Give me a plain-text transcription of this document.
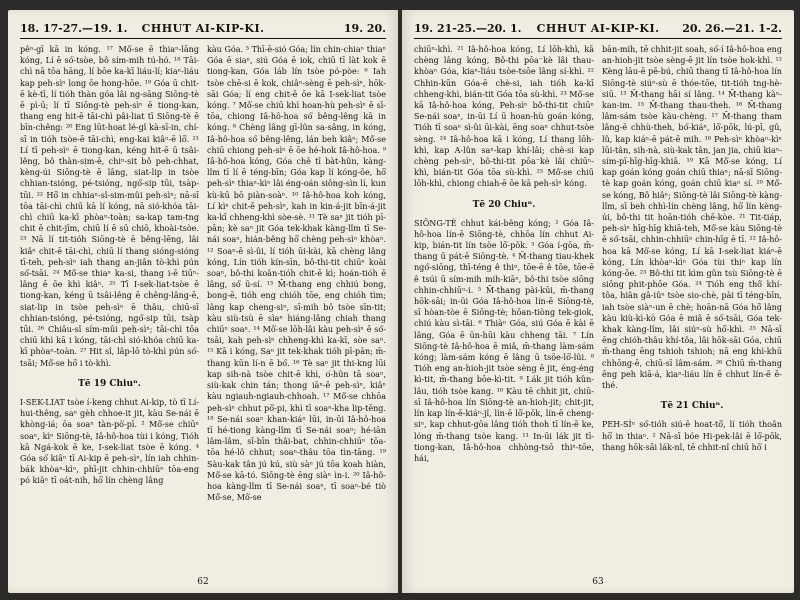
18. 17-27.—19. 1. CHHUT AI-KIP-KI.	19. 20.

pêⁿ-gī kā in kóng. ¹⁷ Mô͘-se ē thiaⁿ-lāng kóng, Lí ē só͘-tsòe, bô sím-mih tú-hó. ¹⁸ Tāi-chì nā tōa hāng, lí bōe ka-kī liáu-lí; kiaⁿ-liáu kap peh-sìⁿ long ōe hong-hōe. ¹⁹ Góa ū chit-ē kè-tī, lí tióh thàn góa lâi ng-sāng Siōng-tè ē pì-ū; lí tī Siōng-tè peh-sìⁿ ē tiong-kan, thang eng hit-ē tāi-chì pâi-liat tī Siōng-tè ē bīn-chêng: ²⁰ Eng lūt-hoat lé-gî kà-sī-in, chí-sī in tióh tsòe-ē tāi-chì, eng-kai kiâⁿ-ē lō͘. ²¹ Lí tī peh-sìⁿ ē tiong-kan, kéng hit-ē ū tsâi-lêng, bô thàn-sim-ē, chiⁿ-sit bô peh-chhat, kèng-úi Siōng-tè ē lâng, siat-lip in tsòe chhian-tsióng, pé-tsióng, ngó͘-sip tūi, tsàp-tūi. ²² Hō͘ in chhiaⁿ-sî-sim-mûi peh-sìⁿ; nā-sī tōa tāi-chì chiū kā lí kóng, nā sió-khóa tāi-chì chiū ka-kī phòaⁿ-toàn; sa-kap tam-tng chit ē chit-jīm, chiū lí ē sū chiō, khoài-tsòe. ²³ Nā lí tit-tióh Siōng-tè ē bêng-lēng, lâi kiâⁿ chit-ē tāi-chì, chiū lí thang sióng-sióng tī-teh, peh-sìⁿ iah thang an-jiân tò-khì pún só͘-tsāi. ²⁴ Mô͘-se thiaⁿ ka-si, thang i-ē tiūⁿ-lâng ē ōe khì kiâⁿ. ²⁵ Tī I-sek-liat-tsòe ē tiong-kan, kéng ū tsâi-lêng ē chêng-lâng-ē, siat-lip in tsòe peh-sìⁿ ē thâu, chiū-sī chhian-tsióng, pé-tsióng, ngó͘-sip tūi, tsàp tūi. ²⁶ Chiâu-sî sím-mûi peh-sìⁿ; tāi-chì tōa chiū khì kā i kóng, tāi-chì sió-khóa chiū ka-kī phòaⁿ-toàn. ²⁷ Hit sî, lâp-lō tò-khì pún só͘-tsāi; Mô͘-se hō͘ i tò-khì.

Tē 19 Chiuⁿ.

I-SEK-LIAT tsòe í-keng chhut Ai-kip, tò tī Lí-hui-thêng, saⁿ gèh chhoe-it jit, kàu Se-nái ē khòng-iá; ōa soaⁿ tàn-pò͘-pī. ² Mô͘-se chiūⁿ soaⁿ, kìⁿ Siōng-tè, Iâ-hô-hoa tùi i kóng, Tióh kā Ngá-kok ē ke, I-sek-liat tsòe ē kóng. ⁴ Góa só͘ kiâⁿ tī Ai-kip ē peh-sìⁿ, lín iah chhin-bák khòaⁿ-kìⁿ, phī-jit chhin-chhiūⁿ tōa-eng pó kiâⁿ tī oát-nih, hō͘ lín chèng lâng

kàu Góa. ⁵ Thī-ē-sió Góa; lín chin-chiaⁿ thiaⁿ Góa ē siaⁿ, siú Góa ē iok, chiū tī làt kok ē tiong-kan, Góa láb lín tsòe pó-pòe: ⁶ Iah tsòe chē-si ē kok, chiâⁿ-sèng ē peh-sìⁿ, hōk-sāi Góa; lí eng chit-ē ōe kā I-sek-liat tsòe kóng. ⁷ Mô͘-se chiū khì hoan-hù peh-sìⁿ ē sī-tōa, chiong Iâ-hô-hoa só͘ bêng-lêng kā in kóng. ⁸ Chèng lâng gī-lûn sa-sâng, in kóng, Iâ-hô-hoa só͘ bêng-lêng, lán beh kiâⁿ; Mô͘-se chiū chiong peh-sìⁿ ē ōe hé-hok Iâ-hô-hoa. ⁹ Iâ-hô-hoa kóng, Góa chē tī bàt-hûn, kàng-lîm tī lí ē téng-bīn; Góa kap lí kóng-ōe, hō͘ peh-sìⁿ thiaⁿ-kìⁿ lâi éng-oán siông-sìn lí, kun kù-kū bō piàn-soàⁿ. ¹⁰ Iâ-hô-hoa koh kóng, Lí kìⁿ chit-ē peh-sìⁿ, kah in kin-á-jit bīn-á-jit ka-kī chheng-khì sòe-sè. ¹¹ Tè saⁿ jit tióh pī-pān; kè saⁿ jit Góa tek-khak kàng-lîm tī Se-nái soaⁿ, hián-bêng hō͘ chèng peh-sìⁿ khòaⁿ. ¹² Soaⁿ-ē sì-ûi, lí tióh ūi-kài, kā chèng lâng kóng, Lín tióh kín-sīn, bô-thi-tit chiūⁿ koài soaⁿ, bô-thi koân-tióh chit-ē kì; hoán-tióh ē lâng, só͘ ū-sí. ¹³ M̄-thang eng chhiú bong, bong-ē, tióh eng chióh tōe, eng chióh tìm; lâng kap cheng-siⁿ, sī-mih bô tsòe sīn-tit; kàu siù-tsù ē sìaⁿ hiáng-lâng chiah thang chiūⁿ soaⁿ. ¹⁴ Mô͘-se lōh-lâi kàu peh-sìⁿ ē só͘-tsāi, kah peh-sìⁿ chheng-khì ka-kī, sòe saⁿ. ¹⁵ Kā i kóng, Saⁿ jit tek-khak tióh pī-pān; m̄-thang kūn lí-n ē bó͘. ¹⁶ Tè saⁿ jit thi-kng lūi kap sih-nà tsòe chit-ē khì, o͘-hûn tā soaⁿ, siù-kak chin tán; thong iāⁿ-ē peh-sìⁿ, kiâⁿ kàu ngiauh-ngiauh-chhoah. ¹⁷ Mô͘-se chhōa peh-sìⁿ chhut pō͘-pi, khì tī soaⁿ-kha lip-tēng. ¹⁸ Se-nái soaⁿ khan-kiáⁿ lūi, in-ūi Iâ-hô-hoa tī hé-tiong kàng-lîm tī Se-nái soaⁿ; hé-iān lâm-lâm, sī-bīn thâi-bat, chhin-chhiūⁿ tōa-tōa hé-lô chhut; soaⁿ-thâu tōa tìn-tāng. ¹⁹ Sàu-kak tân jú kú, siù sàⁿ jú tōa koah hiàn, Mô͘-se kā-tó. Siōng-tè ēng siàⁿ ìn-i. ²⁰ Iâ-hô-hoa kàng-lîm tī Se-nái soaⁿ, tī soaⁿ-bé tiò Mô͘-se, Mô͘-se

62
19. 21-25.—20. 1. CHHUT AI-KIP-KI. 20. 26.—21. 1-2.

chiūⁿ-khì. ²¹ Iâ-hô-hoa kóng, Lí lōh-khì, kā chèng lâng kóng, Bô-thi pōa⁻kè lâi thau-khòaⁿ Góa, kiaⁿ-liáu tsòe-tsōe lâng sí-khì. ²² Chhin-kūn Góa-ē chè-si, iah tióh ka-kī chheng-khì, bián-tit Góa tōa sù-khì. ²³ Mô͘-se kā Iâ-hô-hoa kóng, Peh-sìⁿ bô-thi-tit chiūⁿ Se-nái soaⁿ, in-ūi Lí ū hoan-hù goán kóng, Tióh tī soaⁿ sì-ûi ūi-kài, ēng soaⁿ chhut-tsòe sèng. ²⁴ Iâ-hô-hoa kā i kóng, Lí thang lōh-khì, kap A-lûn saⁿ-kap khí-lâi; chè-si kap chèng peh-sìⁿ, bô-thi-tit pōa⁻kè lâi chiūⁿ-khì, bián-tit Góa tōa sù-khì. ²⁵ Mô͘-se chiū lōh-khì, chiong chiah-ē ōe kā peh-sìⁿ kóng.

Tē 20 Chiuⁿ.

SIŌNG-TÈ chhut kái-bêng kóng; ² Góa Iâ-hô-hoa lín-ē Siōng-tè, chhōa lín chhut Ai-kip, bián-tit lín tsòe lō͘-pōk. ³ Góa í-gōa, m̄-thang ū pát-ē Siōng-tè. ⁴ M̄-thang tiau-khek ngó͘-siōng, thī-téng ê thiⁿ, tōe-ē ê tōe, tōe-ē ê tsúi ū sím-mih mih-kiāⁿ, bô-thi tsòe siōng chhin-chhiūⁿ-i. ⁵ M̄-thang pài-kūi, m̄-thang hōk-sāi; in-ūi Góa Iâ-hô-hoa lín-ē Siōng-tè, sī hòan-tòe ē Siōng-tè; hōan-tiòng tek-giok, chiú kàu sì-tāi. ⁶ Thiàⁿ Góa, siú Góa ē kài ē lâng, Góa ē ūn-hūi kàu chheng tāi. ⁷ Lín Siōng-tè Iâ-hô-hoa ē miâ, m̄-thang làm-sám kóng; làm-sám kóng ē lâng ū tsōe-lō͘-lûi. ⁸ Tióh eng an-hioh-jit tsòe sèng ē jit, éng-éng kì-tit, m̄-thang bōe-kì-tit. ⁹ Lák jit tióh kûn-lâu, tióh tsòe kang. ¹⁰ Kàu tē chhit jit, chiū-sī Iâ-hô-hoa lín Siōng-tè an-hioh-jit; chit-jit, lín kap lín-ē-kiáⁿ-jî, lín-ē lō͘-pōk, lín-ē cheng-siⁿ, kap chhut-gōa lâng tióh thoh tī lín-ē ke, lóng m̄-thang tsòe kang. ¹¹ In-ūi lák jit tī-tiong-kan, Iâ-hô-hoa chhòng-tsō thiⁿ-tōe, hái,

bān-mih, tē chhit-jit soah, só͘-í Iâ-hô-hoa eng an-hioh-jit tsòe sèng-ē jit lín tsòe hok-khì. ¹² Kèng lāu-ē pē-bú, chiū thang tī Iâ-hô-hoa lín Siōng-tè siúⁿ-sù ē thóe-tōe, tit-tióh tng-hè-siū. ¹³ M̄-thang hāi sí lâng. ¹⁴ M̄-thang kàⁿ-kan-im. ¹⁵ M̄-thang thau-theh. ¹⁶ M̄-thang lâm-sám tsòe kàu-chèng. ¹⁷ M̄-thang tham lâng-ē chhù-theh, bó͘-kiáⁿ, lō͘-pōk, lú-pī, gû, lû, kap kiáⁿ-ē pát-ē mih. ¹⁸ Peh-sìⁿ khòaⁿ-kìⁿ lūi-tân, sih-nà, siù-kak tân, jan jia, chiū kiaⁿ-sím-pī-hīg-hīg-khiā. ¹⁹ Kā Mô͘-se kóng, Lí kap goán kóng goán chiū thiaⁿ; nā-sī Siōng-tè kap goán kóng, goán chiū kiaⁿ sí. ²⁰ Mô͘-se kóng, Bô hiâⁿ; Siōng-tè lâi Siōng-tè kàng-lîm, sī beh chhì-lín chèng lâng, hō͘ lín kèng-úi, bô-thi tit hoān-tióh chē-kòe. ²¹ Tit-tiáp, peh-sìⁿ hīg-hīg khiā-teh, Mô͘-se kàu Siōng-tè ē só͘-tsāi, chhin-chhiūⁿ chin-hīg ē tī. ²² Iâ-hô-hoa kā Mô͘-se kóng, Lí kā I-sek-liat kiáⁿ-ē kóng, Lín khòaⁿ-kìⁿ Góa tùi thiⁿ kap lín kóng-ōe. ²³ Bô-thi tit kìm gûn tsù Siōng-tè ē siōng phit-phōe Góa. ²⁴ Tióh eng thô͘ khí-tôa, hiân gâ-iûⁿ tsòe sio-chè, pài tī téng-bīn, iah tsòe siàⁿ-un ē chè; hoān-nā Góa hō͘ lâng kàu kiù-kì-kò Góa ē miâ ē só͘-tsāi, Góa tek-khak kàng-lîm, lâi siúⁿ-sù hō͘-khì. ²⁵ Nā-sī ēng chióh-thâu khí-tôa, lâi hōk-sāi Góa, chiū m̄-thang ēng tshioh tshioh; nā eng khì-khū chhōng-ē, chiū-sī lâm-sám. ²⁶ Chiū m̄-thang ēng peh kiā-á, kiaⁿ-liáu lín ē chhut lín-ē ē-thé.

Tē 21 Chiuⁿ.

PEH-SÌⁿ só͘-tióh siú-ē hoat-tō͘, lí tióh thoân hō͘ in thiaⁿ. ² Nā-sī bóe Hi-pek-lâi ē lō͘-pōk, thang hōk-sāi lák-nî, tē chhit-nî chiū hō͘ i

63
